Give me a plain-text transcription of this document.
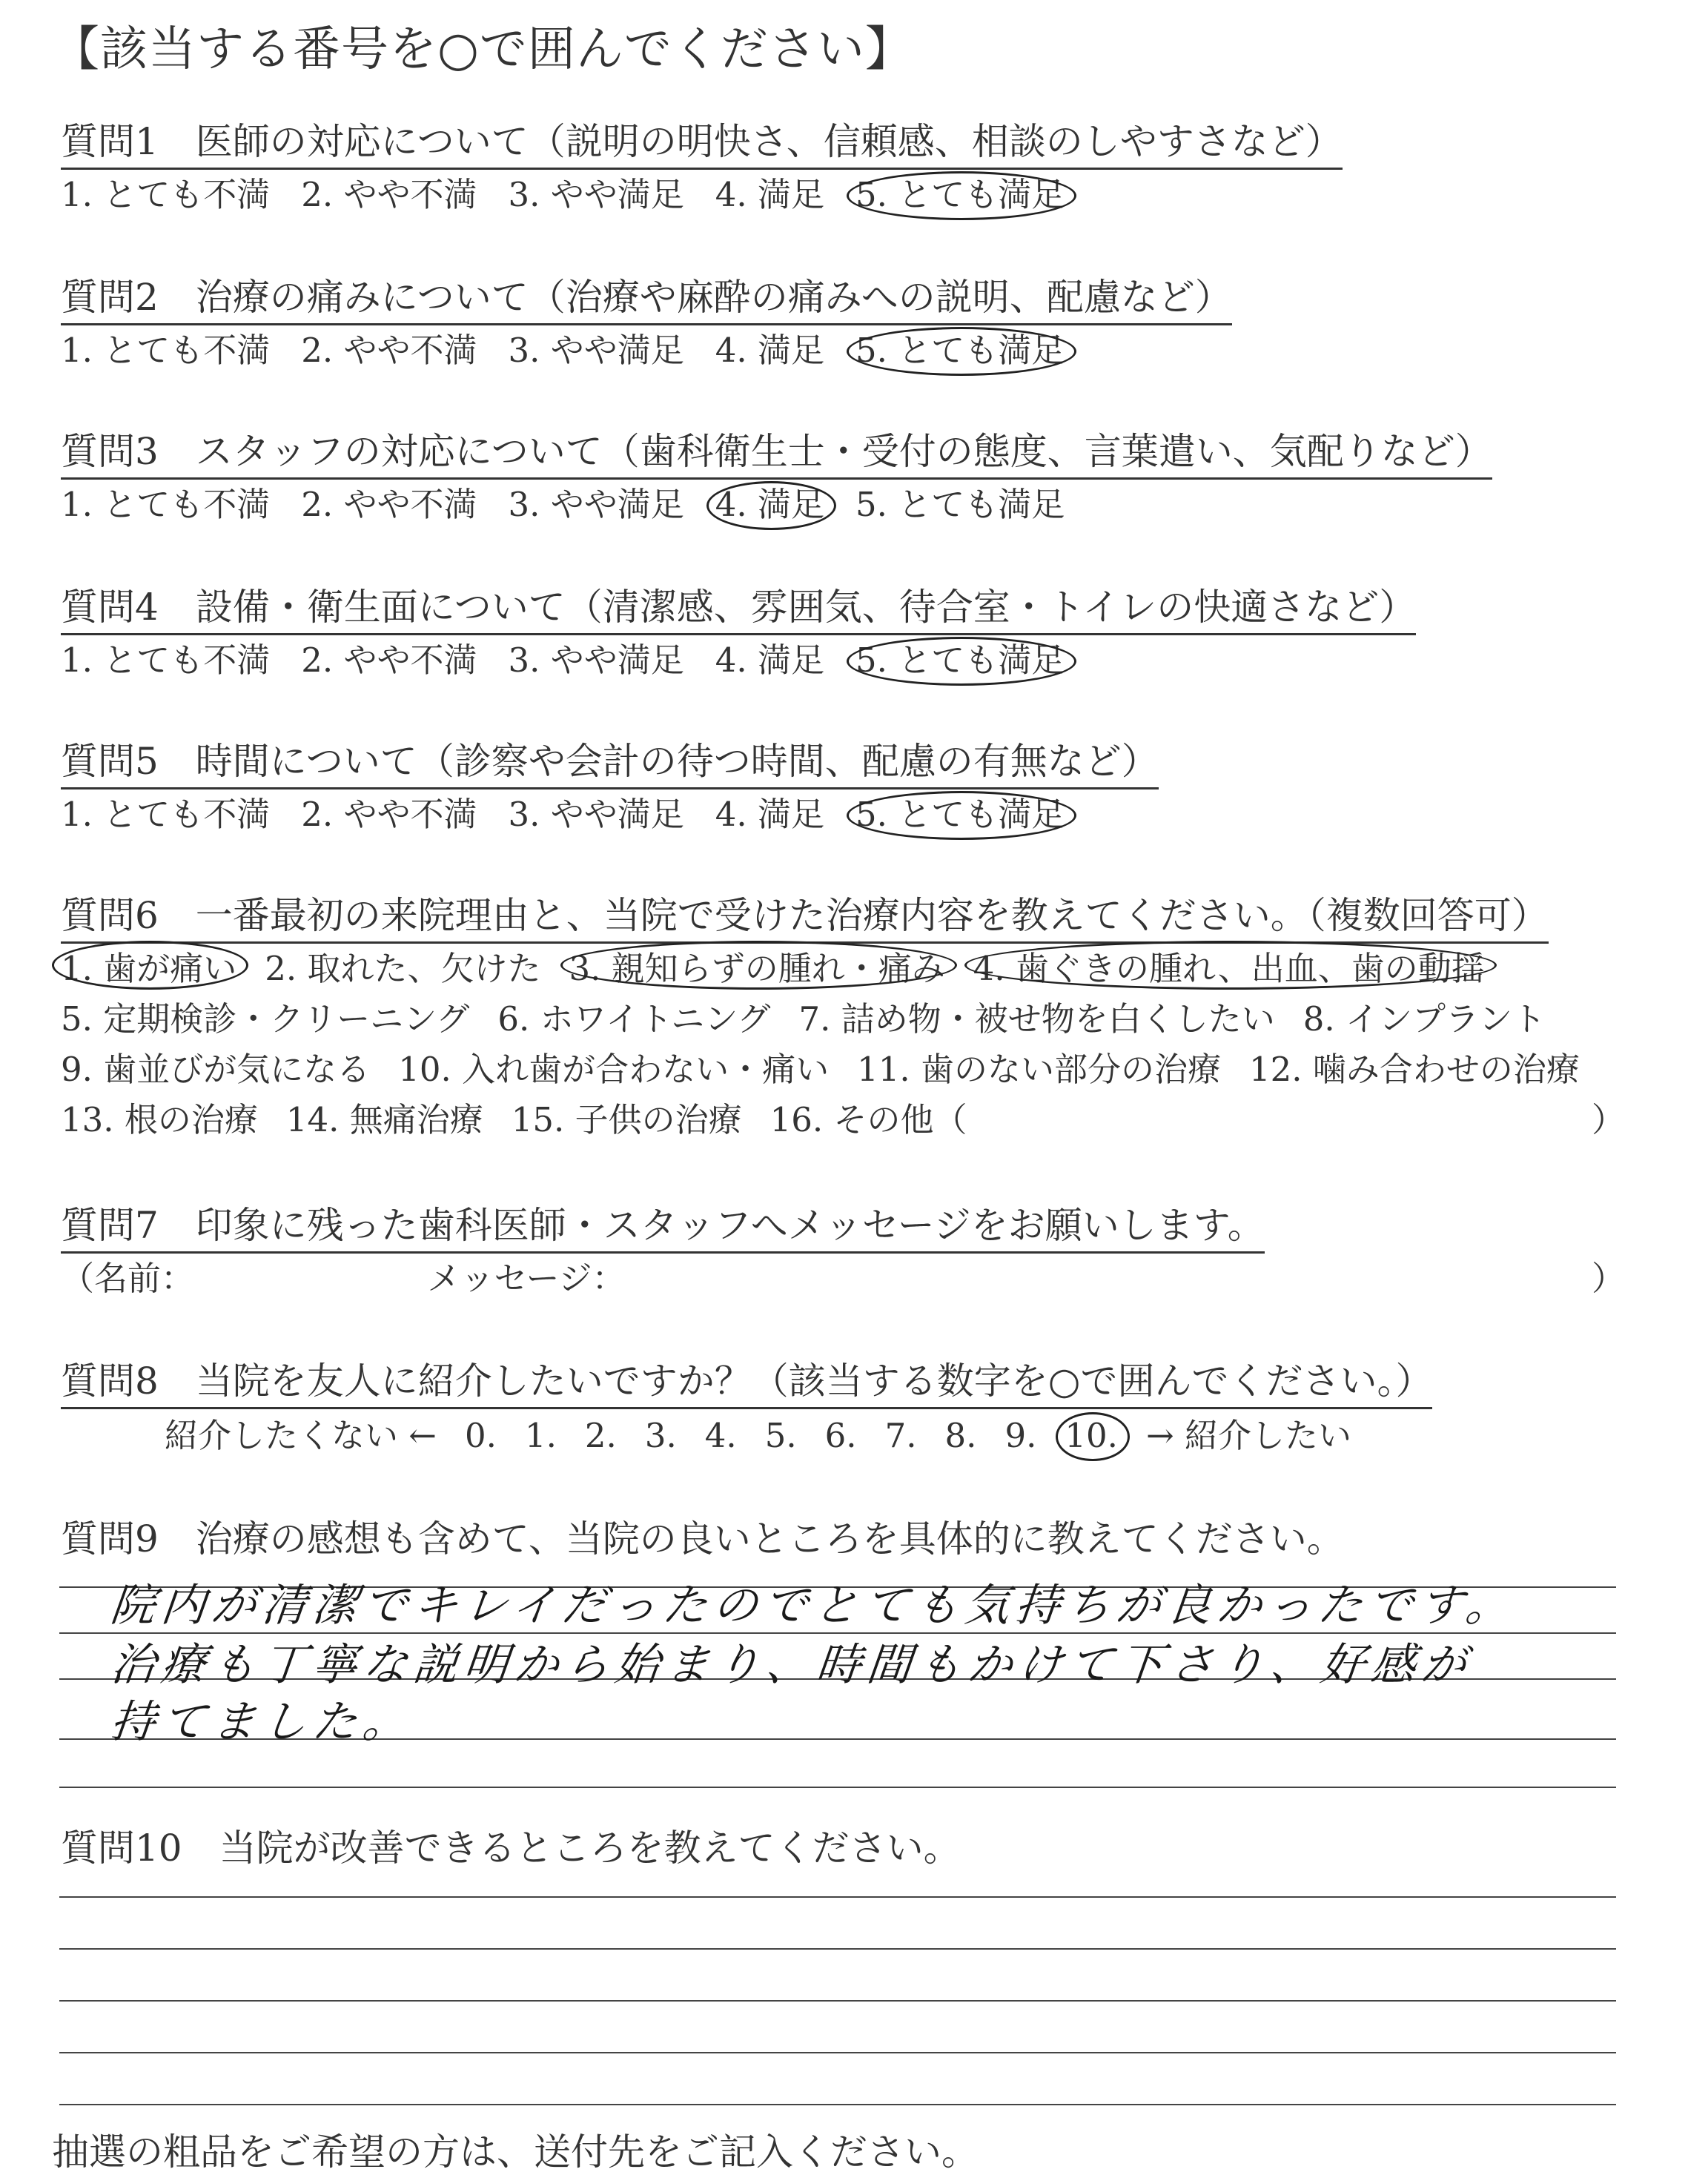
【該当する番号を○で囲んでください】
質問1　医師の対応について（説明の明快さ、信頼感、相談のしやすさなど）
1. とても不満 2. やや不満 3. やや満足 4. 満足 5. とても満足
質問2　治療の痛みについて（治療や麻酔の痛みへの説明、配慮など）
1. とても不満 2. やや不満 3. やや満足 4. 満足 5. とても満足
質問3　スタッフの対応について（歯科衛生士・受付の態度、言葉遣い、気配りなど）
1. とても不満 2. やや不満 3. やや満足 4. 満足 5. とても満足
質問4　設備・衛生面について（清潔感、雰囲気、待合室・トイレの快適さなど）
1. とても不満 2. やや不満 3. やや満足 4. 満足 5. とても満足
質問5　時間について（診察や会計の待つ時間、配慮の有無など）
1. とても不満 2. やや不満 3. やや満足 4. 満足 5. とても満足
質問6　一番最初の来院理由と、当院で受けた治療内容を教えてください。（複数回答可）
1. 歯が痛い 2. 取れた、欠けた 3. 親知らずの腫れ・痛み 4. 歯ぐきの腫れ、出血、歯の動揺
5. 定期検診・クリーニング 6. ホワイトニング 7. 詰め物・被せ物を白くしたい 8. インプラント
9. 歯並びが気になる 10. 入れ歯が合わない・痛い 11. 歯のない部分の治療 12. 噛み合わせの治療
13. 根の治療 14. 無痛治療 15. 子供の治療 16. その他（	）
質問7　印象に残った歯科医師・スタッフへメッセージをお願いします。
（名前：	メッセージ：	）
質問8　当院を友人に紹介したいですか？（該当する数字を○で囲んでください。）
紹介したくない ← 0. 1. 2. 3. 4. 5. 6. 7. 8. 9. 10. → 紹介したい
質問9　治療の感想も含めて、当院の良いところを具体的に教えてください。
院内が清潔でキレイだったのでとても気持ちが良かったです。
治療も丁寧な説明から始まり、時間もかけて下さり、好感が
持てました。
質問10　当院が改善できるところを教えてください。
抽選の粗品をご希望の方は、送付先をご記入ください。
